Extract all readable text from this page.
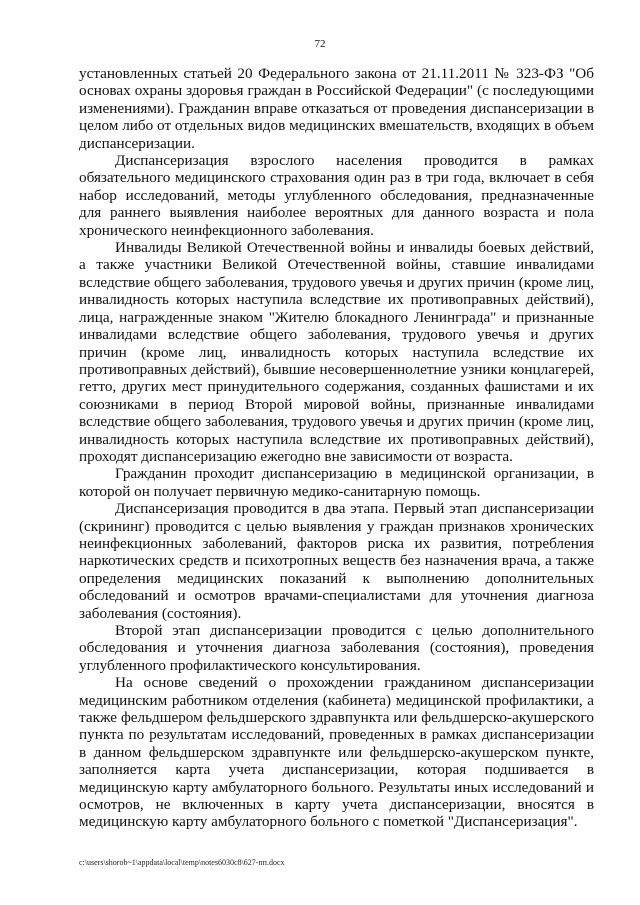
72

установленных статьей 20 Федерального закона от 21.11.2011 № 323-ФЗ "Об основах охраны здоровья граждан в Российской Федерации" (с последующими изменениями). Гражданин вправе отказаться от проведения диспансеризации в целом либо от отдельных видов медицинских вмешательств, входящих в объем диспансеризации.

Диспансеризация взрослого населения проводится в рамках обязательного медицинского страхования один раз в три года, включает в себя набор исследований, методы углубленного обследования, предназначенные для раннего выявления наиболее вероятных для данного возраста и пола хронического неинфекционного заболевания.

Инвалиды Великой Отечественной войны и инвалиды боевых действий, а также участники Великой Отечественной войны, ставшие инвалидами вследствие общего заболевания, трудового увечья и других причин (кроме лиц, инвалидность которых наступила вследствие их противоправных действий), лица, награжденные знаком "Жителю блокадного Ленинграда" и признанные инвалидами вследствие общего заболевания, трудового увечья и других причин (кроме лиц, инвалидность которых наступила вследствие их противоправных действий), бывшие несовершеннолетние узники концлагерей, гетто, других мест принудительного содержания, созданных фашистами и их союзниками в период Второй мировой войны, признанные инвалидами вследствие общего заболевания, трудового увечья и других причин (кроме лиц, инвалидность которых наступила вследствие их противоправных действий), проходят диспансеризацию ежегодно вне зависимости от возраста.

Гражданин проходит диспансеризацию в медицинской организации, в которой он получает первичную медико-санитарную помощь.

Диспансеризация проводится в два этапа. Первый этап диспансеризации (скрининг) проводится с целью выявления у граждан признаков хронических неинфекционных заболеваний, факторов риска их развития, потребления наркотических средств и психотропных веществ без назначения врача, а также определения медицинских показаний к выполнению дополнительных обследований и осмотров врачами-специалистами для уточнения диагноза заболевания (состояния).

Второй этап диспансеризации проводится с целью дополнительного обследования и уточнения диагноза заболевания (состояния), проведения углубленного профилактического консультирования.

На основе сведений о прохождении гражданином диспансеризации медицинским работником отделения (кабинета) медицинской профилактики, а также фельдшером фельдшерского здравпункта или фельдшерско-акушерского пункта по результатам исследований, проведенных в рамках диспансеризации в данном фельдшерском здравпункте или фельдшерско-акушерском пункте, заполняется карта учета диспансеризации, которая подшивается в медицинскую карту амбулаторного больного. Результаты иных исследований и осмотров, не включенных в карту учета диспансеризации, вносятся в медицинскую карту амбулаторного больного с пометкой "Диспансеризация".

c:\users\shorob~1\appdata\local\temp\notes6030c8\627-пп.docx
